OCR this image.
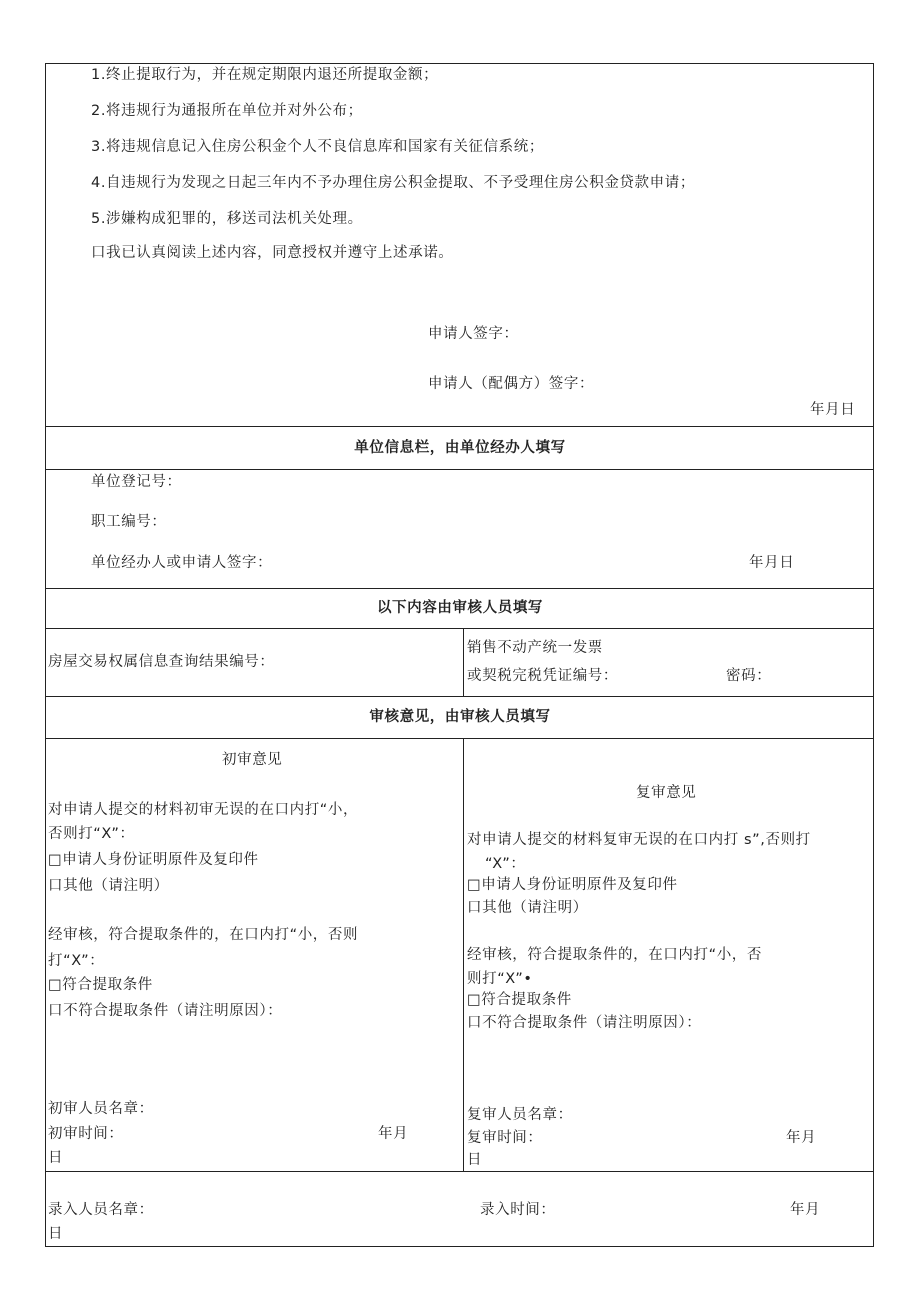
1.终止提取行为，并在规定期限内退还所提取金额；
2.将违规行为通报所在单位并对外公布；
3.将违规信息记入住房公积金个人不良信息库和国家有关征信系统；
4.自违规行为发现之日起三年内不予办理住房公积金提取、不予受理住房公积金贷款申请；
5.涉嫌构成犯罪的，移送司法机关处理。
口我已认真阅读上述内容，同意授权并遵守上述承诺。
申请人签字：
申请人（配偶方）签字：
年月日
单位信息栏，由单位经办人填写
单位登记号：
职工编号：
单位经办人或申请人签字：	年月日
以下内容由审核人员填写
房屋交易权属信息查询结果编号：
销售不动产统一发票
或契税完税凭证编号：	密码：
审核意见，由审核人员填写
初审意见
对申请人提交的材料初审无误的在口内打“小，
否则打“X”：
□申请人身份证明原件及复印件
口其他（请注明）
经审核，符合提取条件的，在口内打“小，否则
打“X”：
□符合提取条件
口不符合提取条件（请注明原因）：
初审人员名章：
初审时间：	年月
日
复审意见
对申请人提交的材料复审无误的在口内打 s”,否则打
“X”：
□申请人身份证明原件及复印件
口其他（请注明）
经审核，符合提取条件的，在口内打“小，否
则打“X”•
□符合提取条件
口不符合提取条件（请注明原因）：
复审人员名章：
复审时间：	年月
日
录入人员名章：	录入时间：	年月
日
